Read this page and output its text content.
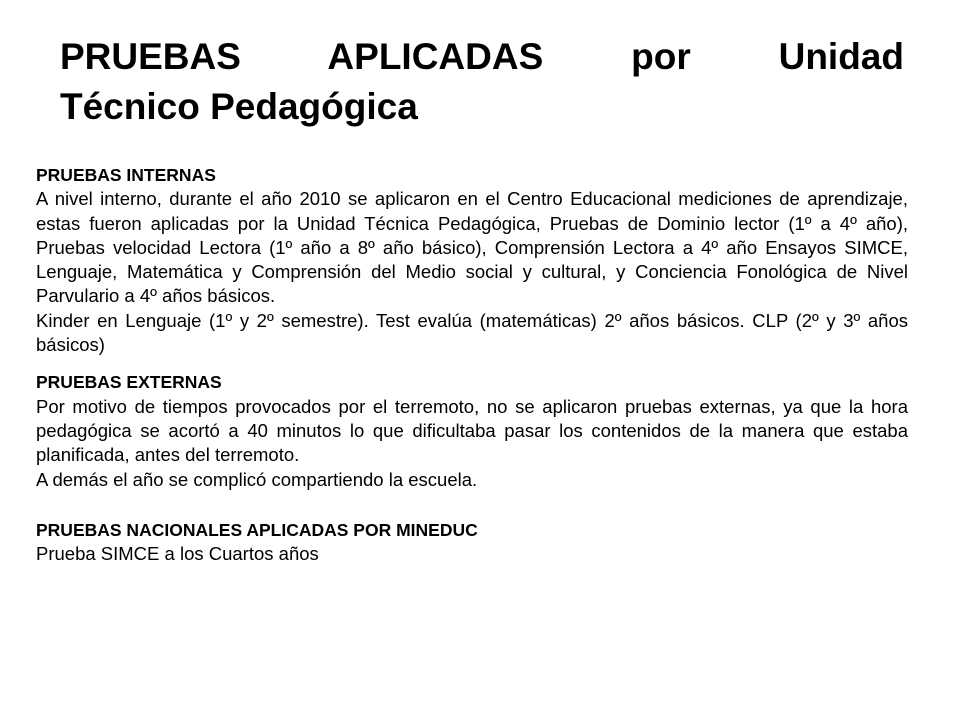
PRUEBAS APLICADAS por Unidad
Técnico Pedagógica

PRUEBAS INTERNAS

A nivel interno, durante el año 2010 se aplicaron en el Centro Educacional mediciones de aprendizaje, estas fueron aplicadas por la Unidad Técnica Pedagógica, Pruebas de Dominio lector (1º a 4º año), Pruebas velocidad Lectora (1º año a 8º año básico), Comprensión Lectora a 4º año Ensayos SIMCE, Lenguaje, Matemática y Comprensión del Medio social y cultural, y Conciencia Fonológica de Nivel Parvulario a 4º años básicos.

Kinder en Lenguaje (1º y 2º semestre). Test evalúa (matemáticas) 2º años básicos. CLP (2º y 3º años básicos)

PRUEBAS EXTERNAS

Por motivo de tiempos provocados por el terremoto, no se aplicaron pruebas externas, ya que la hora pedagógica se acortó a 40 minutos lo que dificultaba pasar los contenidos de la manera que estaba planificada, antes del terremoto.

A demás el año se complicó compartiendo la escuela.

PRUEBAS NACIONALES APLICADAS POR MINEDUC

Prueba SIMCE a los Cuartos años
